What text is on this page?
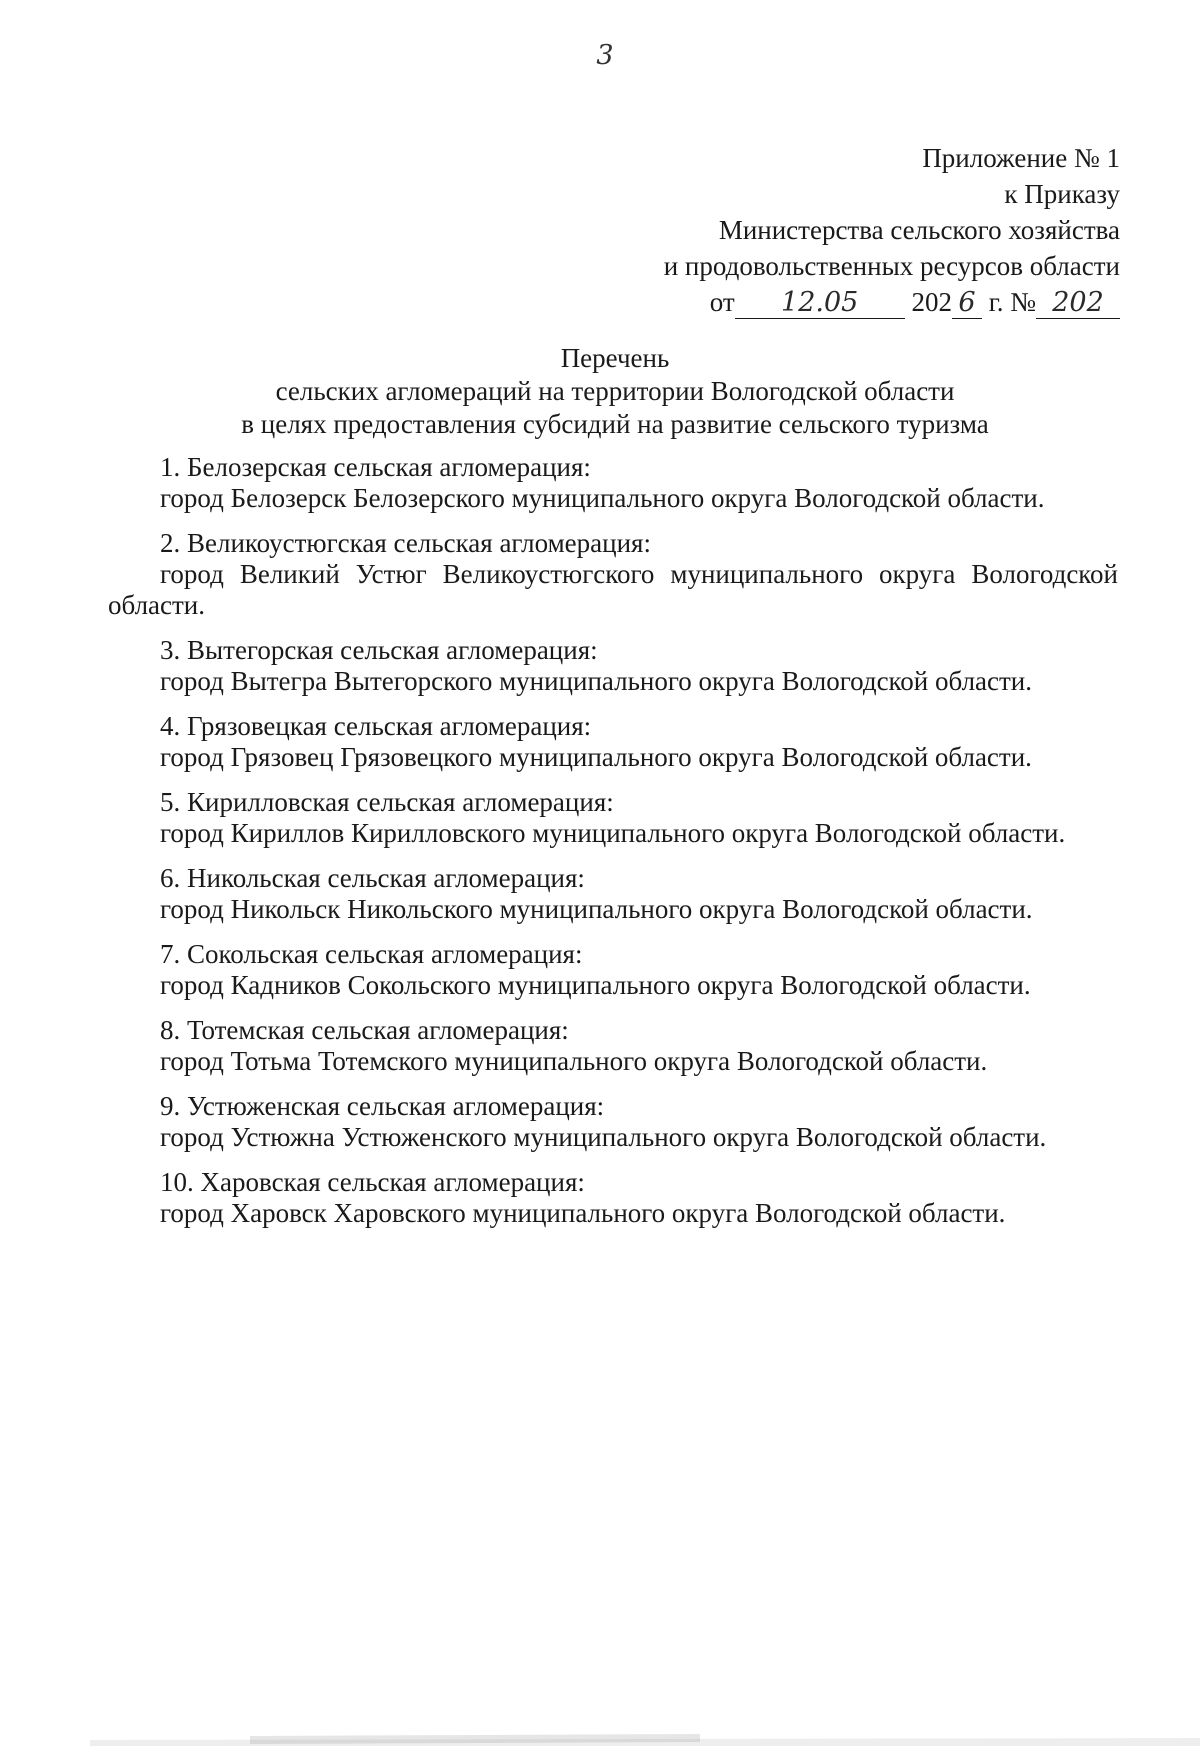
3
Приложение № 1
к Приказу
Министерства сельского хозяйства
и продовольственных ресурсов области
от 12.05 202 6 г. № 202
Перечень
сельских агломераций на территории Вологодской области
в целях предоставления субсидий на развитие сельского туризма
1. Белозерская сельская агломерация:
город Белозерск Белозерского муниципального округа Вологодской области.
2. Великоустюгская сельская агломерация:
город Великий Устюг Великоустюгского муниципального округа Вологодской области.
3. Вытегорская сельская агломерация:
город Вытегра Вытегорского муниципального округа Вологодской области.
4. Грязовецкая сельская агломерация:
город Грязовец Грязовецкого муниципального округа Вологодской области.
5. Кирилловская сельская агломерация:
город Кириллов Кирилловского муниципального округа Вологодской области.
6. Никольская сельская агломерация:
город Никольск Никольского муниципального округа Вологодской области.
7. Сокольская сельская агломерация:
город Кадников Сокольского муниципального округа Вологодской области.
8. Тотемская сельская агломерация:
город Тотьма Тотемского муниципального округа Вологодской области.
9. Устюженская сельская агломерация:
город Устюжна Устюженского муниципального округа Вологодской области.
10. Харовская сельская агломерация:
город Харовск Харовского муниципального округа Вологодской области.
